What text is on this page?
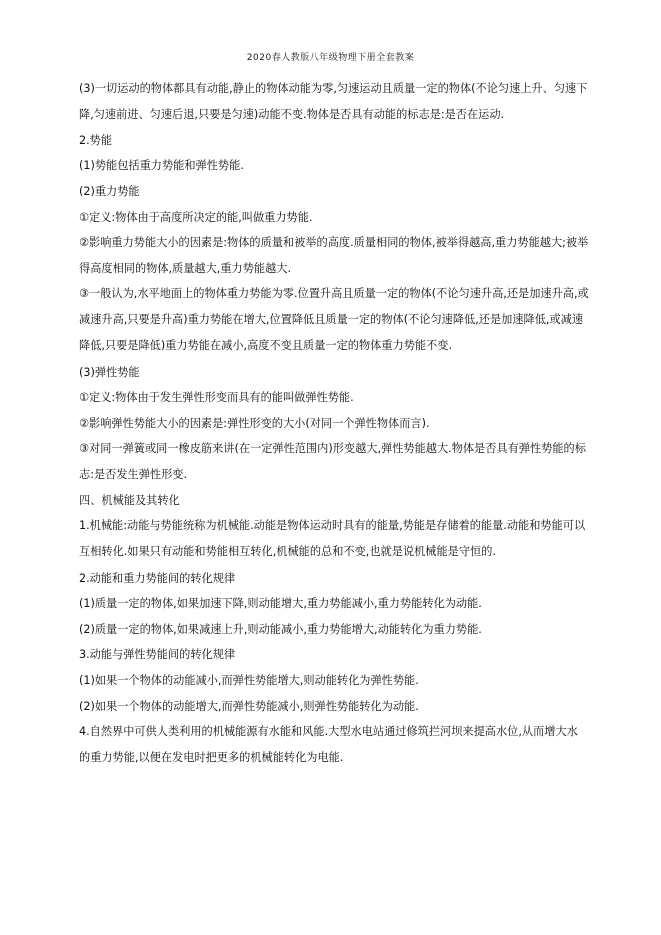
2020春人教版八年级物理下册全套教案
(3)一切运动的物体都具有动能,静止的物体动能为零,匀速运动且质量一定的物体(不论匀速上升、匀速下降,匀速前进、匀速后退,只要是匀速)动能不变.物体是否具有动能的标志是:是否在运动.
2.势能
(1)势能包括重力势能和弹性势能.
(2)重力势能
①定义:物体由于高度所决定的能,叫做重力势能.
②影响重力势能大小的因素是:物体的质量和被举的高度.质量相同的物体,被举得越高,重力势能越大;被举得高度相同的物体,质量越大,重力势能越大.
③一般认为,水平地面上的物体重力势能为零.位置升高且质量一定的物体(不论匀速升高,还是加速升高,或减速升高,只要是升高)重力势能在增大,位置降低且质量一定的物体(不论匀速降低,还是加速降低,或减速降低,只要是降低)重力势能在减小,高度不变且质量一定的物体重力势能不变.
(3)弹性势能
①定义:物体由于发生弹性形变而具有的能叫做弹性势能.
②影响弹性势能大小的因素是:弹性形变的大小(对同一个弹性物体而言).
③对同一弹簧或同一橡皮筋来讲(在一定弹性范围内)形变越大,弹性势能越大.物体是否具有弹性势能的标志:是否发生弹性形变.
四、机械能及其转化
1.机械能:动能与势能统称为机械能.动能是物体运动时具有的能量,势能是存储着的能量.动能和势能可以互相转化.如果只有动能和势能相互转化,机械能的总和不变,也就是说机械能是守恒的.
2.动能和重力势能间的转化规律
(1)质量一定的物体,如果加速下降,则动能增大,重力势能减小,重力势能转化为动能.
(2)质量一定的物体,如果减速上升,则动能减小,重力势能增大,动能转化为重力势能.
3.动能与弹性势能间的转化规律
(1)如果一个物体的动能减小,而弹性势能增大,则动能转化为弹性势能.
(2)如果一个物体的动能增大,而弹性势能减小,则弹性势能转化为动能.
4.自然界中可供人类利用的机械能源有水能和风能.大型水电站通过修筑拦河坝来提高水位,从而增大水的重力势能,以便在发电时把更多的机械能转化为电能.
